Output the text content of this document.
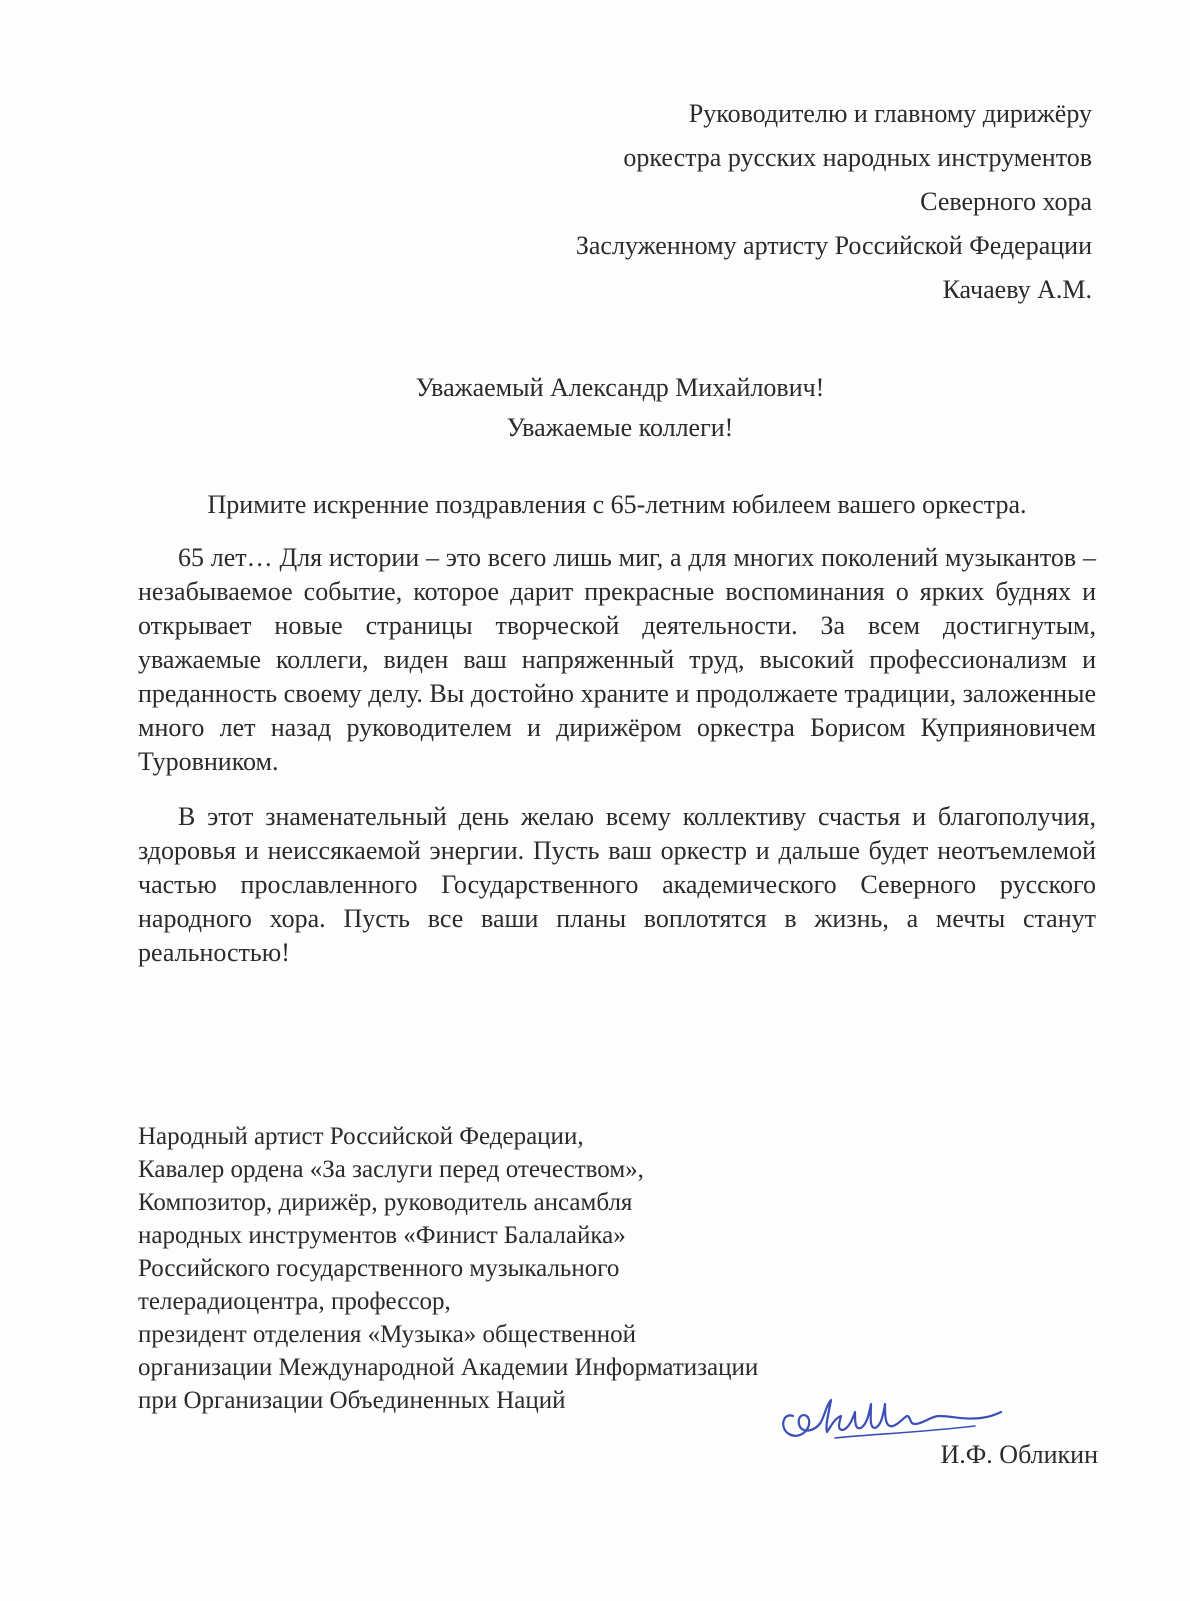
Руководителю и главному дирижёру
оркестра русских народных инструментов
Северного хора
Заслуженному артисту Российской Федерации
Качаеву А.М.
Уважаемый Александр Михайлович!
Уважаемые коллеги!
Примите искренние поздравления с 65-летним юбилеем вашего оркестра.
65 лет… Для истории – это всего лишь миг, а для многих поколений музыкантов – незабываемое событие, которое дарит прекрасные воспоминания о ярких буднях и открывает новые страницы творческой деятельности. За всем достигнутым, уважаемые коллеги, виден ваш напряженный труд, высокий профессионализм и преданность своему делу. Вы достойно храните и продолжаете традиции, заложенные много лет назад руководителем и дирижёром оркестра Борисом Куприяновичем Туровником.
В этот знаменательный день желаю всему коллективу счастья и благополучия, здоровья и неиссякаемой энергии. Пусть ваш оркестр и дальше будет неотъемлемой частью прославленного Государственного академического Северного русского народного хора. Пусть все ваши планы воплотятся в жизнь, а мечты станут реальностью!
Народный артист Российской Федерации,
Кавалер ордена «За заслуги перед отечеством»,
Композитор, дирижёр, руководитель ансамбля
народных инструментов «Финист Балалайка»
Российского государственного музыкального
телерадиоцентра, профессор,
президент отделения «Музыка» общественной
организации Международной Академии Информатизации
при Организации Объединенных Наций
И.Ф. Обликин
